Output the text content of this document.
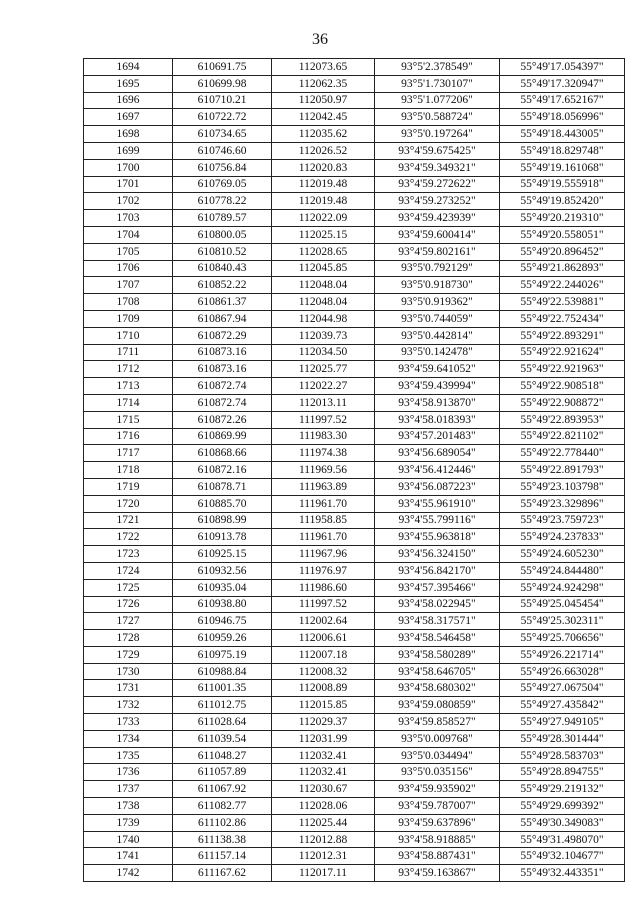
36
1694	610691.75	112073.65	93°5'2.378549"	55°49'17.054397"
1695	610699.98	112062.35	93°5'1.730107"	55°49'17.320947"
1696	610710.21	112050.97	93°5'1.077206"	55°49'17.652167"
1697	610722.72	112042.45	93°5'0.588724"	55°49'18.056996"
1698	610734.65	112035.62	93°5'0.197264"	55°49'18.443005"
1699	610746.60	112026.52	93°4'59.675425"	55°49'18.829748"
1700	610756.84	112020.83	93°4'59.349321"	55°49'19.161068"
1701	610769.05	112019.48	93°4'59.272622"	55°49'19.555918"
1702	610778.22	112019.48	93°4'59.273252"	55°49'19.852420"
1703	610789.57	112022.09	93°4'59.423939"	55°49'20.219310"
1704	610800.05	112025.15	93°4'59.600414"	55°49'20.558051"
1705	610810.52	112028.65	93°4'59.802161"	55°49'20.896452"
1706	610840.43	112045.85	93°5'0.792129"	55°49'21.862893"
1707	610852.22	112048.04	93°5'0.918730"	55°49'22.244026"
1708	610861.37	112048.04	93°5'0.919362"	55°49'22.539881"
1709	610867.94	112044.98	93°5'0.744059"	55°49'22.752434"
1710	610872.29	112039.73	93°5'0.442814"	55°49'22.893291"
1711	610873.16	112034.50	93°5'0.142478"	55°49'22.921624"
1712	610873.16	112025.77	93°4'59.641052"	55°49'22.921963"
1713	610872.74	112022.27	93°4'59.439994"	55°49'22.908518"
1714	610872.74	112013.11	93°4'58.913870"	55°49'22.908872"
1715	610872.26	111997.52	93°4'58.018393"	55°49'22.893953"
1716	610869.99	111983.30	93°4'57.201483"	55°49'22.821102"
1717	610868.66	111974.38	93°4'56.689054"	55°49'22.778440"
1718	610872.16	111969.56	93°4'56.412446"	55°49'22.891793"
1719	610878.71	111963.89	93°4'56.087223"	55°49'23.103798"
1720	610885.70	111961.70	93°4'55.961910"	55°49'23.329896"
1721	610898.99	111958.85	93°4'55.799116"	55°49'23.759723"
1722	610913.78	111961.70	93°4'55.963818"	55°49'24.237833"
1723	610925.15	111967.96	93°4'56.324150"	55°49'24.605230"
1724	610932.56	111976.97	93°4'56.842170"	55°49'24.844480"
1725	610935.04	111986.60	93°4'57.395466"	55°49'24.924298"
1726	610938.80	111997.52	93°4'58.022945"	55°49'25.045454"
1727	610946.75	112002.64	93°4'58.317571"	55°49'25.302311"
1728	610959.26	112006.61	93°4'58.546458"	55°49'25.706656"
1729	610975.19	112007.18	93°4'58.580289"	55°49'26.221714"
1730	610988.84	112008.32	93°4'58.646705"	55°49'26.663028"
1731	611001.35	112008.89	93°4'58.680302"	55°49'27.067504"
1732	611012.75	112015.85	93°4'59.080859"	55°49'27.435842"
1733	611028.64	112029.37	93°4'59.858527"	55°49'27.949105"
1734	611039.54	112031.99	93°5'0.009768"	55°49'28.301444"
1735	611048.27	112032.41	93°5'0.034494"	55°49'28.583703"
1736	611057.89	112032.41	93°5'0.035156"	55°49'28.894755"
1737	611067.92	112030.67	93°4'59.935902"	55°49'29.219132"
1738	611082.77	112028.06	93°4'59.787007"	55°49'29.699392"
1739	611102.86	112025.44	93°4'59.637896"	55°49'30.349083"
1740	611138.38	112012.88	93°4'58.918885"	55°49'31.498070"
1741	611157.14	112012.31	93°4'58.887431"	55°49'32.104677"
1742	611167.62	112017.11	93°4'59.163867"	55°49'32.443351"
